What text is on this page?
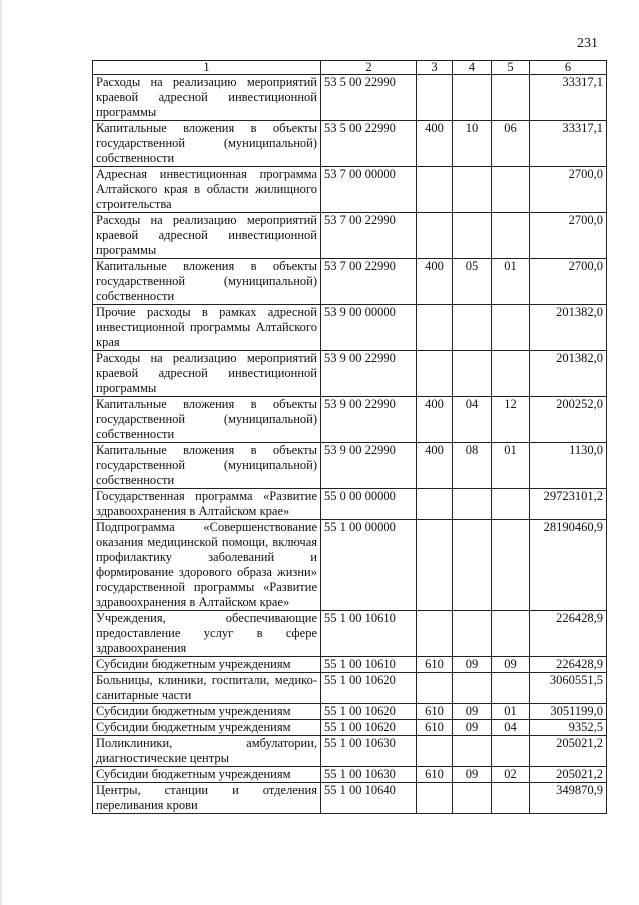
231
1	2	3	4	5	6
Расходы на реализацию мероприятий краевой адресной инвестиционной программы	53 5 00 22990				33317,1
Капитальные вложения в объекты государственной (муниципальной) собственности	53 5 00 22990	400	10	06	33317,1
Адресная инвестиционная программа Алтайского края в области жилищного строительства	53 7 00 00000				2700,0
Расходы на реализацию мероприятий краевой адресной инвестиционной программы	53 7 00 22990				2700,0
Капитальные вложения в объекты государственной (муниципальной) собственности	53 7 00 22990	400	05	01	2700,0
Прочие расходы в рамках адресной инвестиционной программы Алтайского края	53 9 00 00000				201382,0
Расходы на реализацию мероприятий краевой адресной инвестиционной программы	53 9 00 22990				201382,0
Капитальные вложения в объекты государственной (муниципальной) собственности	53 9 00 22990	400	04	12	200252,0
Капитальные вложения в объекты государственной (муниципальной) собственности	53 9 00 22990	400	08	01	1130,0
Государственная программа «Развитие здравоохранения в Алтайском крае»	55 0 00 00000				29723101,2
Подпрограмма «Совершенствование оказания медицинской помощи, включая профилактику заболеваний и формирование здорового образа жизни» государственной программы «Развитие здравоохранения в Алтайском крае»	55 1 00 00000				28190460,9
Учреждения, обеспечивающие предоставление услуг в сфере здравоохранения	55 1 00 10610				226428,9
Субсидии бюджетным учреждениям	55 1 00 10610	610	09	09	226428,9
Больницы, клиники, госпитали, медико-санитарные части	55 1 00 10620				3060551,5
Субсидии бюджетным учреждениям	55 1 00 10620	610	09	01	3051199,0
Субсидии бюджетным учреждениям	55 1 00 10620	610	09	04	9352,5
Поликлиники, амбулатории, диагностические центры	55 1 00 10630				205021,2
Субсидии бюджетным учреждениям	55 1 00 10630	610	09	02	205021,2
Центры, станции и отделения переливания крови	55 1 00 10640				349870,9
